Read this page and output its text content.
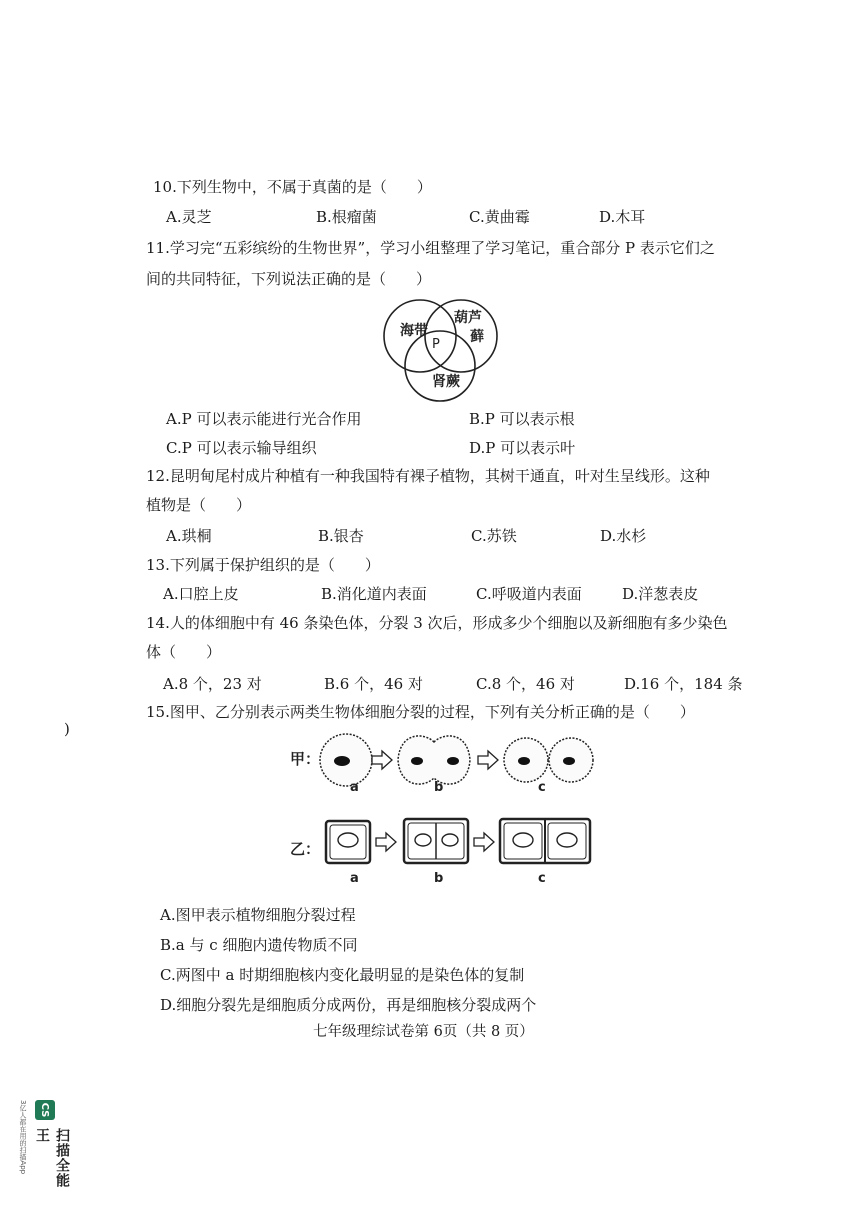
10.下列生物中，不属于真菌的是（　　）
A.灵芝	B.根瘤菌	C.黄曲霉	D.木耳
11.学习完“五彩缤纷的生物世界”，学习小组整理了学习笔记，重合部分 P 表示它们之
间的共同特征，下列说法正确的是（　　）
海带
葫芦
藓
肾蕨
P
A.P 可以表示能进行光合作用	B.P 可以表示根
C.P 可以表示输导组织	D.P 可以表示叶
12.昆明甸尾村成片种植有一种我国特有裸子植物，其树干通直，叶对生呈线形。这种
植物是（　　）
A.珙桐	B.银杏	C.苏铁	D.水杉
13.下列属于保护组织的是（　　）
A.口腔上皮	B.消化道内表面	C.呼吸道内表面	D.洋葱表皮
14.人的体细胞中有 46 条染色体，分裂 3 次后，形成多少个细胞以及新细胞有多少染色
体（　　）
A.8 个，23 对	B.6 个，46 对	C.8 个，46 对	D.16 个，184 条
15.图甲、乙分别表示两类生物体细胞分裂的过程，下列有关分析正确的是（　　）
)
甲：
a	b	c
乙：
a	b	c
A.图甲表示植物细胞分裂过程
B.a 与 c 细胞内遗传物质不同
C.两图中 a 时期细胞核内变化最明显的是染色体的复制
D.细胞分裂先是细胞质分成两份，再是细胞核分裂成两个
七年级理综试卷第 6页（共 8 页）
CS
扫描全能王
3亿人都在用的扫描App
